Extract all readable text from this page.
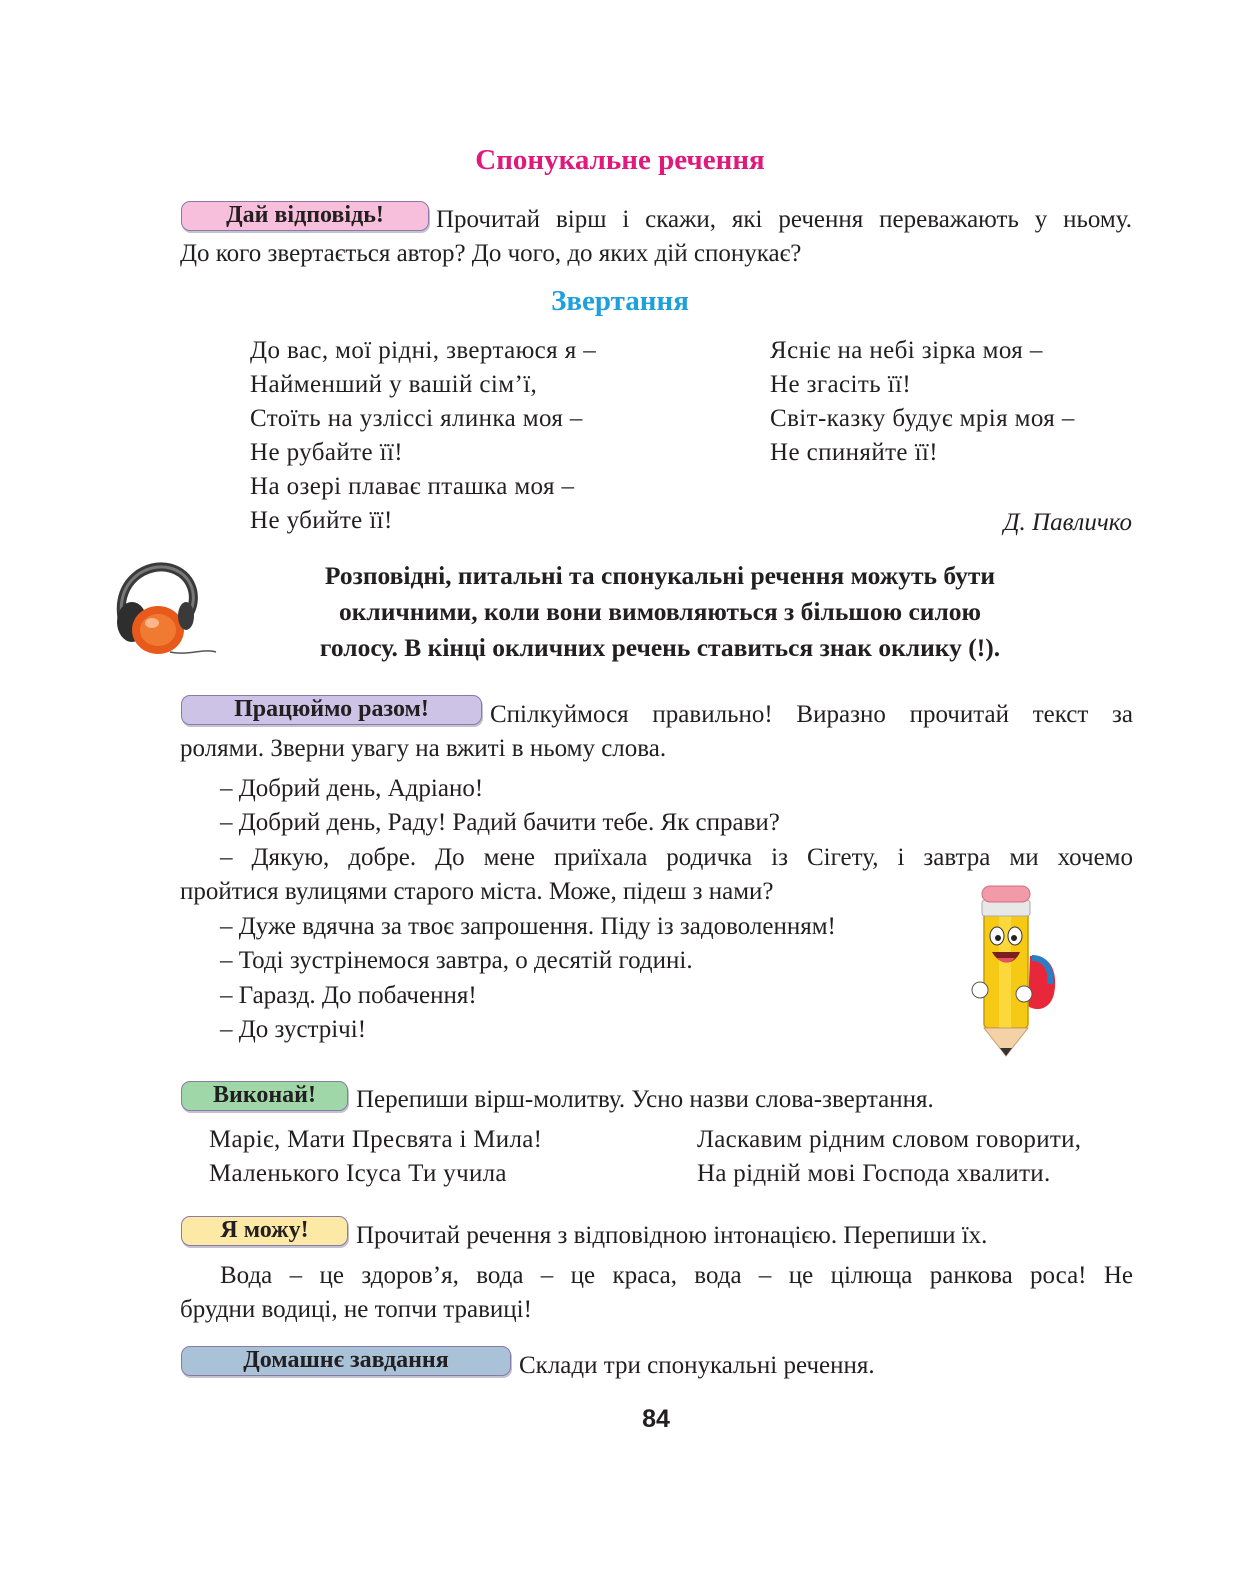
Спонукальне речення
Дай відповідь!	Прочитай вірш і скажи, які речення переважають у ньому.
До кого звертається автор? До чого, до яких дій спонукає?
Звертання
До вас, мої рідні, звертаюся я –
Найменший у вашій сім’ї,
Стоїть на узліссі ялинка моя –
Не рубайте її!
На озері плаває пташка моя –
Не убийте її!
Ясніє на небі зірка моя –
Не згасіть її!
Світ-казку будує мрія моя –
Не спиняйте її!
Д. Павличко
Розповідні, питальні та спонукальні речення можуть бути
окличними, коли вони вимовляються з більшою силою
голосу. В кінці окличних речень ставиться знак оклику (!).
Працюймо разом!	Спілкуймося правильно! Виразно прочитай текст за
ролями. Зверни увагу на вжиті в ньому слова.
– Добрий день, Адріано!
– Добрий день, Раду! Радий бачити тебе. Як справи?
– Дякую, добре. До мене приїхала родичка із Сігету, і завтра ми хочемо
пройтися вулицями старого міста. Може, підеш з нами?
– Дуже вдячна за твоє запрошення. Піду із задоволенням!
– Тоді зустрінемося завтра, о десятій годині.
– Гаразд. До побачення!
– До зустрічі!
Виконай!	Перепиши вірш-молитву. Усно назви слова-звертання.
Маріє, Мати Пресвята і Мила!
Маленького Ісуса Ти учила
Ласкавим рідним словом говорити,
На рідній мові Господа хвалити.
Я можу!	Прочитай речення з відповідною інтонацією. Перепиши їх.
Вода – це здоров’я, вода – це краса, вода – це цілюща ранкова роса! Не
брудни водиці, не топчи травиці!
Домашнє завдання	Склади три спонукальні речення.
84
